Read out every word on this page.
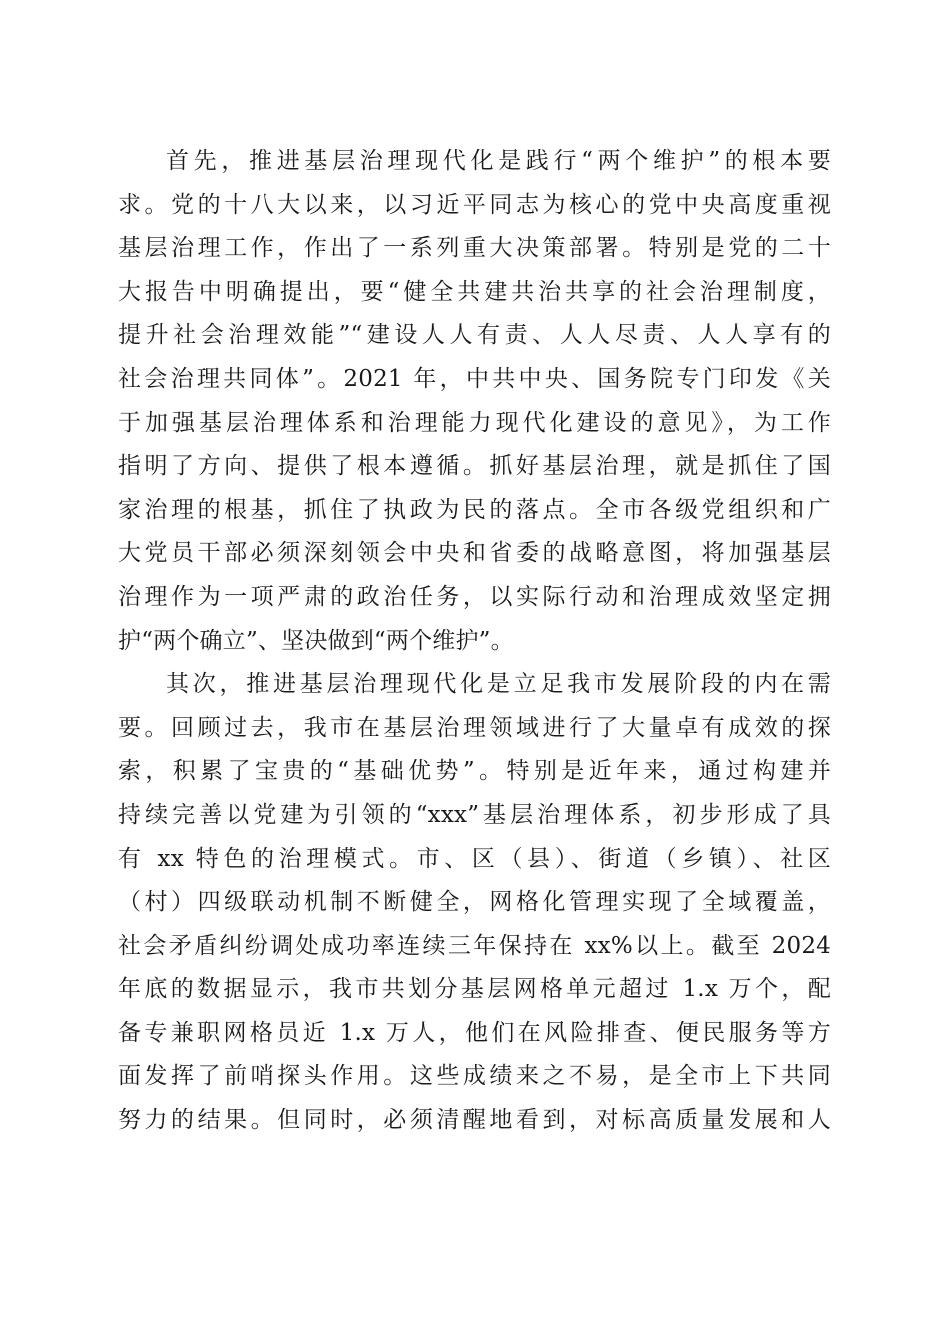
首先，推进基层治理现代化是践行“两个维护”的根本要
求。党的十八大以来，以习近平同志为核心的党中央高度重视
基层治理工作，作出了一系列重大决策部署。特别是党的二十
大报告中明确提出，要“健全共建共治共享的社会治理制度，
提升社会治理效能”“建设人人有责、人人尽责、人人享有的
社会治理共同体”。2021 年，中共中央、国务院专门印发《关
于加强基层治理体系和治理能力现代化建设的意见》，为工作
指明了方向、提供了根本遵循。抓好基层治理，就是抓住了国
家治理的根基，抓住了执政为民的落点。全市各级党组织和广
大党员干部必须深刻领会中央和省委的战略意图，将加强基层
治理作为一项严肃的政治任务，以实际行动和治理成效坚定拥
护“两个确立”、坚决做到“两个维护”。
其次，推进基层治理现代化是立足我市发展阶段的内在需
要。回顾过去，我市在基层治理领域进行了大量卓有成效的探
索，积累了宝贵的“基础优势”。特别是近年来，通过构建并
持续完善以党建为引领的“xxx”基层治理体系，初步形成了具
有 xx 特色的治理模式。市、区（县）、街道（乡镇）、社区
（村）四级联动机制不断健全，网格化管理实现了全域覆盖，
社会矛盾纠纷调处成功率连续三年保持在 xx%以上。截至 2024
年底的数据显示，我市共划分基层网格单元超过 1.x 万个，配
备专兼职网格员近 1.x 万人，他们在风险排查、便民服务等方
面发挥了前哨探头作用。这些成绩来之不易，是全市上下共同
努力的结果。但同时，必须清醒地看到，对标高质量发展和人
